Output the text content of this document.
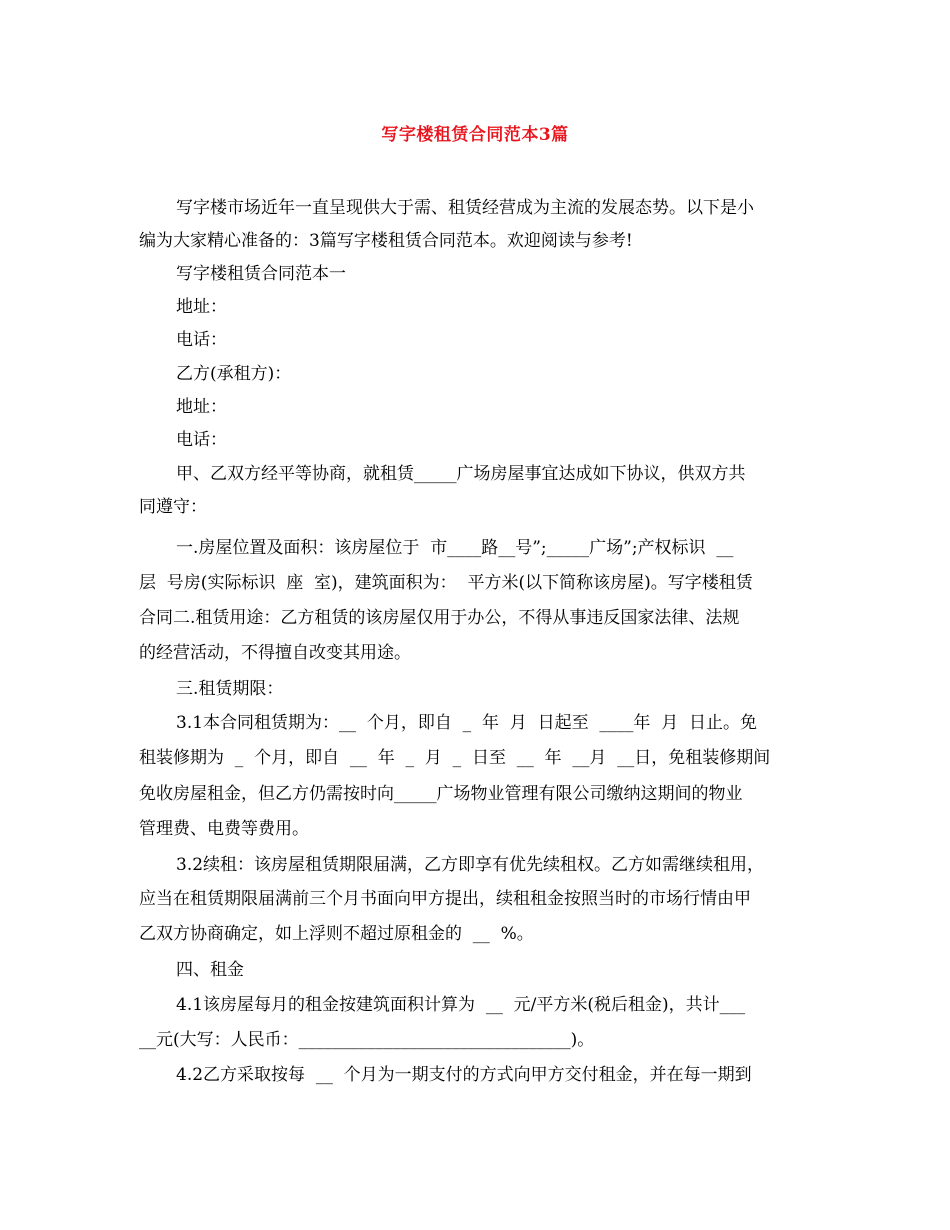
写字楼租赁合同范本3篇
写字楼市场近年一直呈现供大于需、租赁经营成为主流的发展态势。以下是小
编为大家精心准备的：3篇写字楼租赁合同范本。欢迎阅读与参考!
写字楼租赁合同范本一
地址：
电话：
乙方(承租方)：
地址：
电话：
甲、乙双方经平等协商，就租赁_____广场房屋事宜达成如下协议，供双方共
同遵守：
一.房屋位置及面积：该房屋位于  市____路__号”;_____广场”;产权标识  __
层  号房(实际标识  座  室)，建筑面积为：  平方米(以下简称该房屋)。写字楼租赁
合同二.租赁用途：乙方租赁的该房屋仅用于办公，不得从事违反国家法律、法规
的经营活动，不得擅自改变其用途。
三.租赁期限：
3.1本合同租赁期为：__  个月，即自  _  年  月  日起至  ____年  月  日止。免
租装修期为  _  个月，即自  __  年  _  月  _  日至  __  年  __月  __日，免租装修期间
免收房屋租金，但乙方仍需按时向_____广场物业管理有限公司缴纳这期间的物业
管理费、电费等费用。
3.2续租：该房屋租赁期限届满，乙方即享有优先续租权。乙方如需继续租用，
应当在租赁期限届满前三个月书面向甲方提出，续租租金按照当时的市场行情由甲
乙双方协商确定，如上浮则不超过原租金的  __  %。
四、租金
4.1该房屋每月的租金按建筑面积计算为  __  元/平方米(税后租金)，共计___
__元(大写：人民币：________________________________)。
4.2乙方采取按每  __  个月为一期支付的方式向甲方交付租金，并在每一期到
